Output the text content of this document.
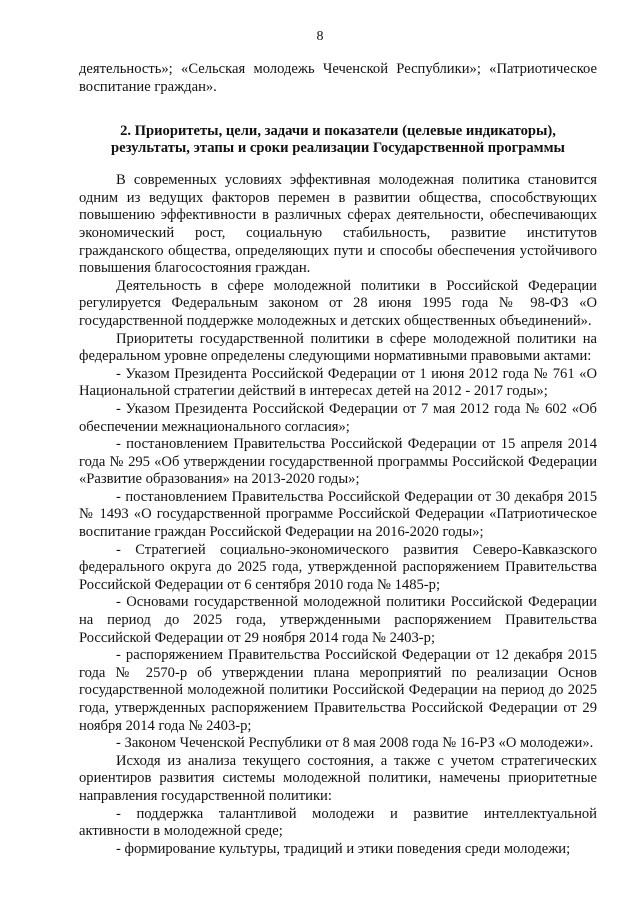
8

деятельность»; «Сельская молодежь Чеченской Республики»; «Патриотическое воспитание граждан».

2. Приоритеты, цели, задачи и показатели (целевые индикаторы),
результаты, этапы и сроки реализации Государственной программы

В современных условиях эффективная молодежная политика становится одним из ведущих факторов перемен в развитии общества, способствующих повышению эффективности в различных сферах деятельности, обеспечивающих экономический рост, социальную стабильность, развитие институтов гражданского общества, определяющих пути и способы обеспечения устойчивого повышения благосостояния граждан.

Деятельность в сфере молодежной политики в Российской Федерации регулируется Федеральным законом от 28 июня 1995 года № 98-ФЗ «О государственной поддержке молодежных и детских общественных объединений».

Приоритеты государственной политики в сфере молодежной политики на федеральном уровне определены следующими нормативными правовыми актами:

- Указом Президента Российской Федерации от 1 июня 2012 года № 761 «О Национальной стратегии действий в интересах детей на 2012 - 2017 годы»;

- Указом Президента Российской Федерации от 7 мая 2012 года № 602 «Об обеспечении межнационального согласия»;

- постановлением Правительства Российской Федерации от 15 апреля 2014 года № 295 «Об утверждении государственной программы Российской Федерации «Развитие образования» на 2013-2020 годы»;

- постановлением Правительства Российской Федерации от 30 декабря 2015 № 1493 «О государственной программе Российской Федерации «Патриотическое воспитание граждан Российской Федерации на 2016-2020 годы»;

- Стратегией социально-экономического развития Северо-Кавказского федерального округа до 2025 года, утвержденной распоряжением Правительства Российской Федерации от 6 сентября 2010 года № 1485-р;

- Основами государственной молодежной политики Российской Федерации на период до 2025 года, утвержденными распоряжением Правительства Российской Федерации от 29 ноября 2014 года № 2403-р;

- распоряжением Правительства Российской Федерации от 12 декабря 2015 года № 2570-р об утверждении плана мероприятий по реализации Основ государственной молодежной политики Российской Федерации на период до 2025 года, утвержденных распоряжением Правительства Российской Федерации от 29 ноября 2014 года № 2403-р;

- Законом Чеченской Республики от 8 мая 2008 года № 16-РЗ «О молодежи».

Исходя из анализа текущего состояния, а также с учетом стратегических ориентиров развития системы молодежной политики, намечены приоритетные направления государственной политики:

- поддержка талантливой молодежи и развитие интеллектуальной активности в молодежной среде;

- формирование культуры, традиций и этики поведения среди молодежи;
